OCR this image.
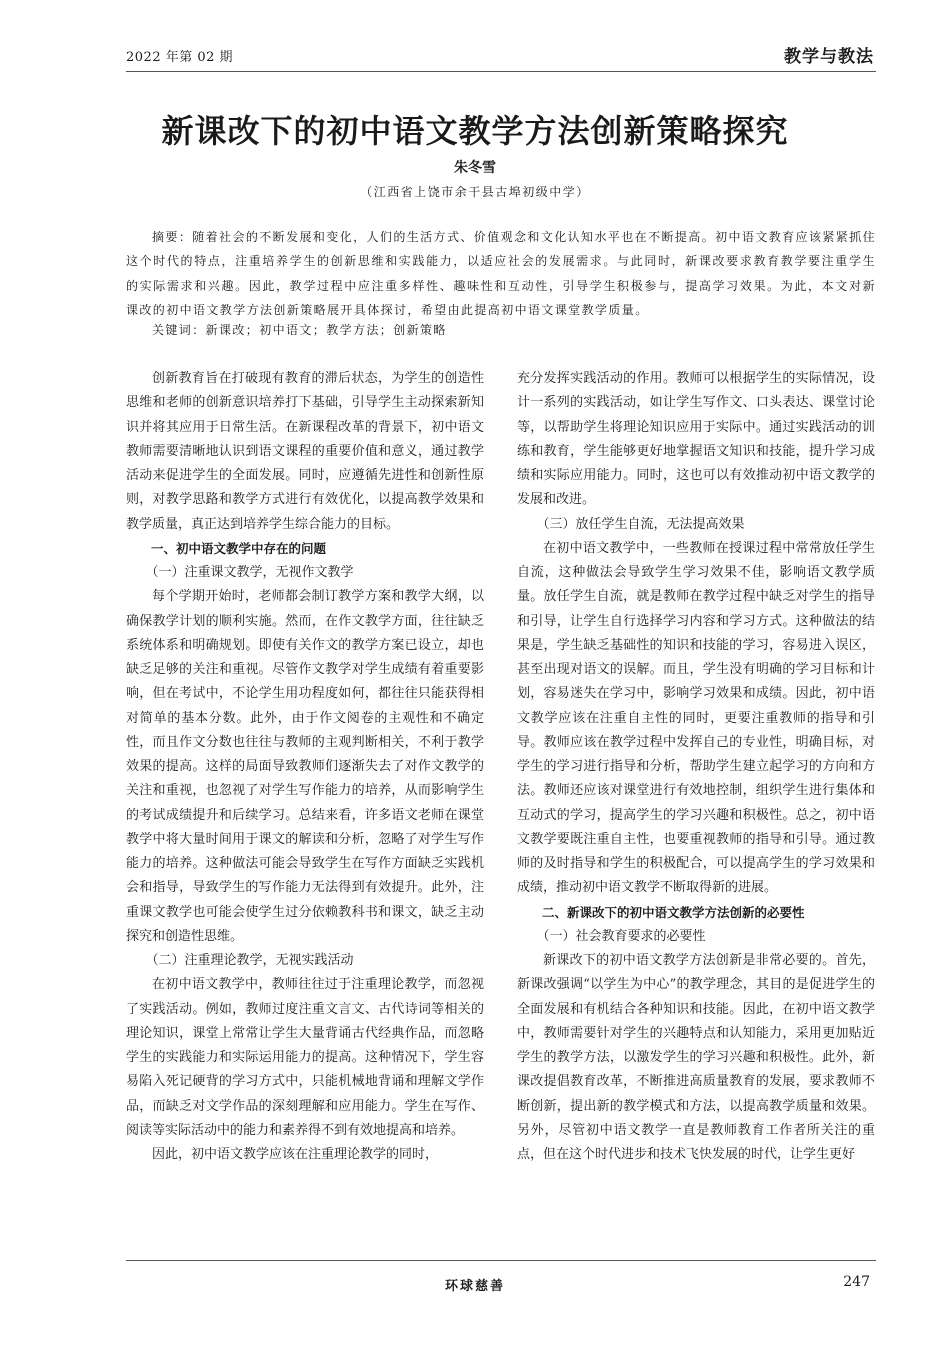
2022 年第 02 期	教学与教法
新课改下的初中语文教学方法创新策略探究
朱冬雪
（江西省上饶市余干县古埠初级中学）

摘要：随着社会的不断发展和变化，人们的生活方式、价值观念和文化认知水平也在不断提高。初中语文教育应该紧紧抓住这个时代的特点，注重培养学生的创新思维和实践能力，以适应社会的发展需求。与此同时，新课改要求教育教学要注重学生的实际需求和兴趣。因此，教学过程中应注重多样性、趣味性和互动性，引导学生积极参与，提高学习效果。为此，本文对新课改的初中语文教学方法创新策略展开具体探讨，希望由此提高初中语文课堂教学质量。

关键词：新课改；初中语文；教学方法；创新策略

创新教育旨在打破现有教育的滞后状态，为学生的创造性思维和老师的创新意识培养打下基础，引导学生主动探索新知识并将其应用于日常生活。在新课程改革的背景下，初中语文教师需要清晰地认识到语文课程的重要价值和意义，通过教学活动来促进学生的全面发展。同时，应遵循先进性和创新性原则，对教学思路和教学方式进行有效优化，以提高教学效果和教学质量，真正达到培养学生综合能力的目标。

一、初中语文教学中存在的问题

（一）注重课文教学，无视作文教学

每个学期开始时，老师都会制订教学方案和教学大纲，以确保教学计划的顺利实施。然而，在作文教学方面，往往缺乏系统体系和明确规划。即使有关作文的教学方案已设立，却也缺乏足够的关注和重视。尽管作文教学对学生成绩有着重要影响，但在考试中，不论学生用功程度如何，都往往只能获得相对简单的基本分数。此外，由于作文阅卷的主观性和不确定性，而且作文分数也往往与教师的主观判断相关，不利于教学效果的提高。这样的局面导致教师们逐渐失去了对作文教学的关注和重视，也忽视了对学生写作能力的培养，从而影响学生的考试成绩提升和后续学习。总结来看，许多语文老师在课堂教学中将大量时间用于课文的解读和分析，忽略了对学生写作能力的培养。这种做法可能会导致学生在写作方面缺乏实践机会和指导，导致学生的写作能力无法得到有效提升。此外，注重课文教学也可能会使学生过分依赖教科书和课文，缺乏主动探究和创造性思维。

（二）注重理论教学，无视实践活动

在初中语文教学中，教师往往过于注重理论教学，而忽视了实践活动。例如，教师过度注重文言文、古代诗词等相关的理论知识，课堂上常常让学生大量背诵古代经典作品，而忽略学生的实践能力和实际运用能力的提高。这种情况下，学生容易陷入死记硬背的学习方式中，只能机械地背诵和理解文学作品，而缺乏对文学作品的深刻理解和应用能力。学生在写作、阅读等实际活动中的能力和素养得不到有效地提高和培养。

因此，初中语文教学应该在注重理论教学的同时，

充分发挥实践活动的作用。教师可以根据学生的实际情况，设计一系列的实践活动，如让学生写作文、口头表达、课堂讨论等，以帮助学生将理论知识应用于实际中。通过实践活动的训练和教育，学生能够更好地掌握语文知识和技能，提升学习成绩和实际应用能力。同时，这也可以有效推动初中语文教学的发展和改进。

（三）放任学生自流，无法提高效果

在初中语文教学中，一些教师在授课过程中常常放任学生自流，这种做法会导致学生学习效果不佳，影响语文教学质量。放任学生自流，就是教师在教学过程中缺乏对学生的指导和引导，让学生自行选择学习内容和学习方式。这种做法的结果是，学生缺乏基础性的知识和技能的学习，容易进入误区，甚至出现对语文的误解。而且，学生没有明确的学习目标和计划，容易迷失在学习中，影响学习效果和成绩。因此，初中语文教学应该在注重自主性的同时，更要注重教师的指导和引导。教师应该在教学过程中发挥自己的专业性，明确目标，对学生的学习进行指导和分析，帮助学生建立起学习的方向和方法。教师还应该对课堂进行有效地控制，组织学生进行集体和互动式的学习，提高学生的学习兴趣和积极性。总之，初中语文教学要既注重自主性，也要重视教师的指导和引导。通过教师的及时指导和学生的积极配合，可以提高学生的学习效果和成绩，推动初中语文教学不断取得新的进展。

二、新课改下的初中语文教学方法创新的必要性

（一）社会教育要求的必要性

新课改下的初中语文教学方法创新是非常必要的。首先，新课改强调“以学生为中心”的教学理念，其目的是促进学生的全面发展和有机结合各种知识和技能。因此，在初中语文教学中，教师需要针对学生的兴趣特点和认知能力，采用更加贴近学生的教学方法，以激发学生的学习兴趣和积极性。此外，新课改提倡教育改革，不断推进高质量教育的发展，要求教师不断创新，提出新的教学模式和方法，以提高教学质量和效果。另外，尽管初中语文教学一直是教师教育工作者所关注的重点，但在这个时代进步和技术飞快发展的时代，让学生更好

环球慈善	247
